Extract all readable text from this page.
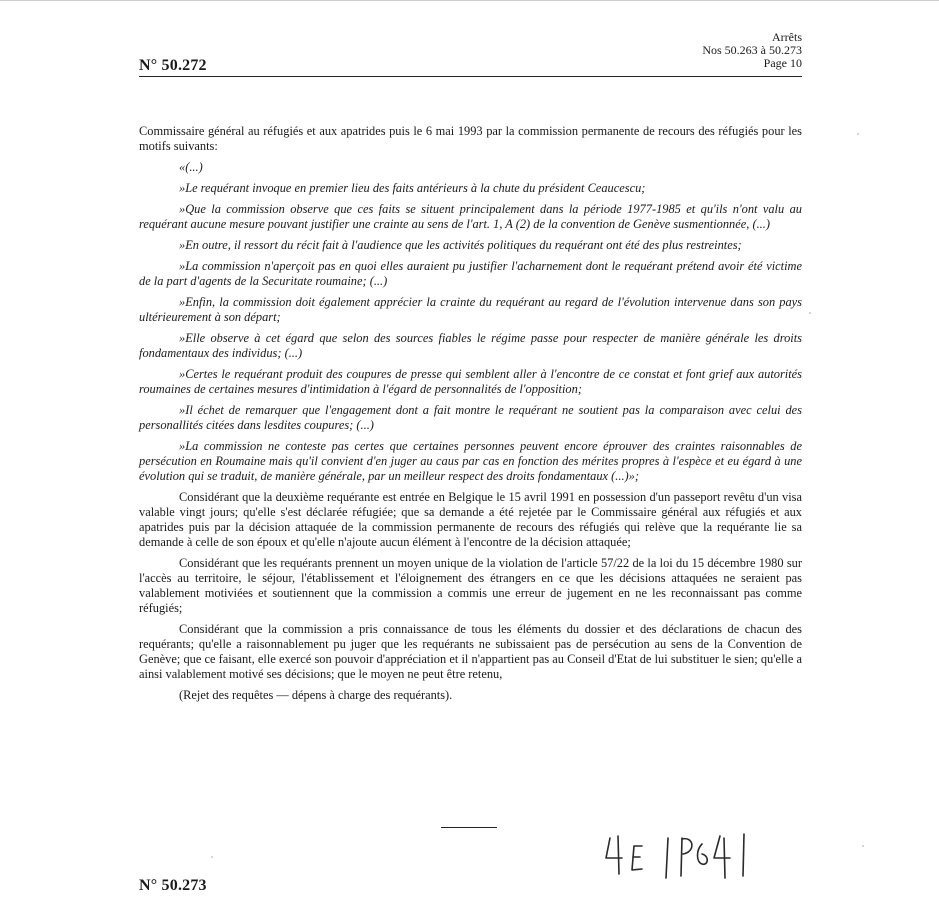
Arrêts
Nos 50.263 à 50.273
Page 10
N° 50.272

Commissaire général au réfugiés et aux apatrides puis le 6 mai 1993 par la commission permanente de recours des réfugiés pour les motifs suivants:

«(...)

»Le requérant invoque en premier lieu des faits antérieurs à la chute du président Ceaucescu;

»Que la commission observe que ces faits se situent principalement dans la période 1977-1985 et qu'ils n'ont valu au requérant aucune mesure pouvant justifier une crainte au sens de l'art. 1, A (2) de la convention de Genève susmentionnée, (...)

»En outre, il ressort du récit fait à l'audience que les activités politiques du requérant ont été des plus restreintes;

»La commission n'aperçoit pas en quoi elles auraient pu justifier l'acharnement dont le requérant prétend avoir été victime de la part d'agents de la Securitate roumaine; (...)

»Enfin, la commission doit également apprécier la crainte du requérant au regard de l'évolution intervenue dans son pays ultérieurement à son départ;

»Elle observe à cet égard que selon des sources fiables le régime passe pour respecter de manière générale les droits fondamentaux des individus; (...)

»Certes le requérant produit des coupures de presse qui semblent aller à l'encontre de ce constat et font grief aux autorités roumaines de certaines mesures d'intimidation à l'égard de personnalités de l'opposition;

»Il échet de remarquer que l'engagement dont a fait montre le requérant ne soutient pas la comparaison avec celui des personallités citées dans lesdites coupures; (...)

»La commission ne conteste pas certes que certaines personnes peuvent encore éprouver des craintes raisonnables de persécution en Roumaine mais qu'il convient d'en juger au caus par cas en fonction des mérites propres à l'espèce et eu égard à une évolution qui se traduit, de manière générale, par un meilleur respect des droits fondamentaux (...)»;

Considérant que la deuxième requérante est entrée en Belgique le 15 avril 1991 en possession d'un passeport revêtu d'un visa valable vingt jours; qu'elle s'est déclarée réfugiée; que sa demande a été rejetée par le Commissaire général aux réfugiés et aux apatrides puis par la décision attaquée de la commission permanente de recours des réfugiés qui relève que la requérante lie sa demande à celle de son époux et qu'elle n'ajoute aucun élément à l'encontre de la décision attaquée;

Considérant que les requérants prennent un moyen unique de la violation de l'article 57/22 de la loi du 15 décembre 1980 sur l'accès au territoire, le séjour, l'établissement et l'éloignement des étrangers en ce que les décisions attaquées ne seraient pas valablement motiviées et soutiennent que la commission a commis une erreur de jugement en ne les reconnaissant pas comme réfugiés;

Considérant que la commission a pris connaissance de tous les éléments du dossier et des déclarations de chacun des requérants; qu'elle a raisonnablement pu juger que les requérants ne subissaient pas de persécution au sens de la Convention de Genève; que ce faisant, elle exercé son pouvoir d'appréciation et il n'appartient pas au Conseil d'Etat de lui substituer le sien; qu'elle a ainsi valablement motivé ses décisions; que le moyen ne peut être retenu,

(Rejet des requêtes — dépens à charge des requérants).

N° 50.273
